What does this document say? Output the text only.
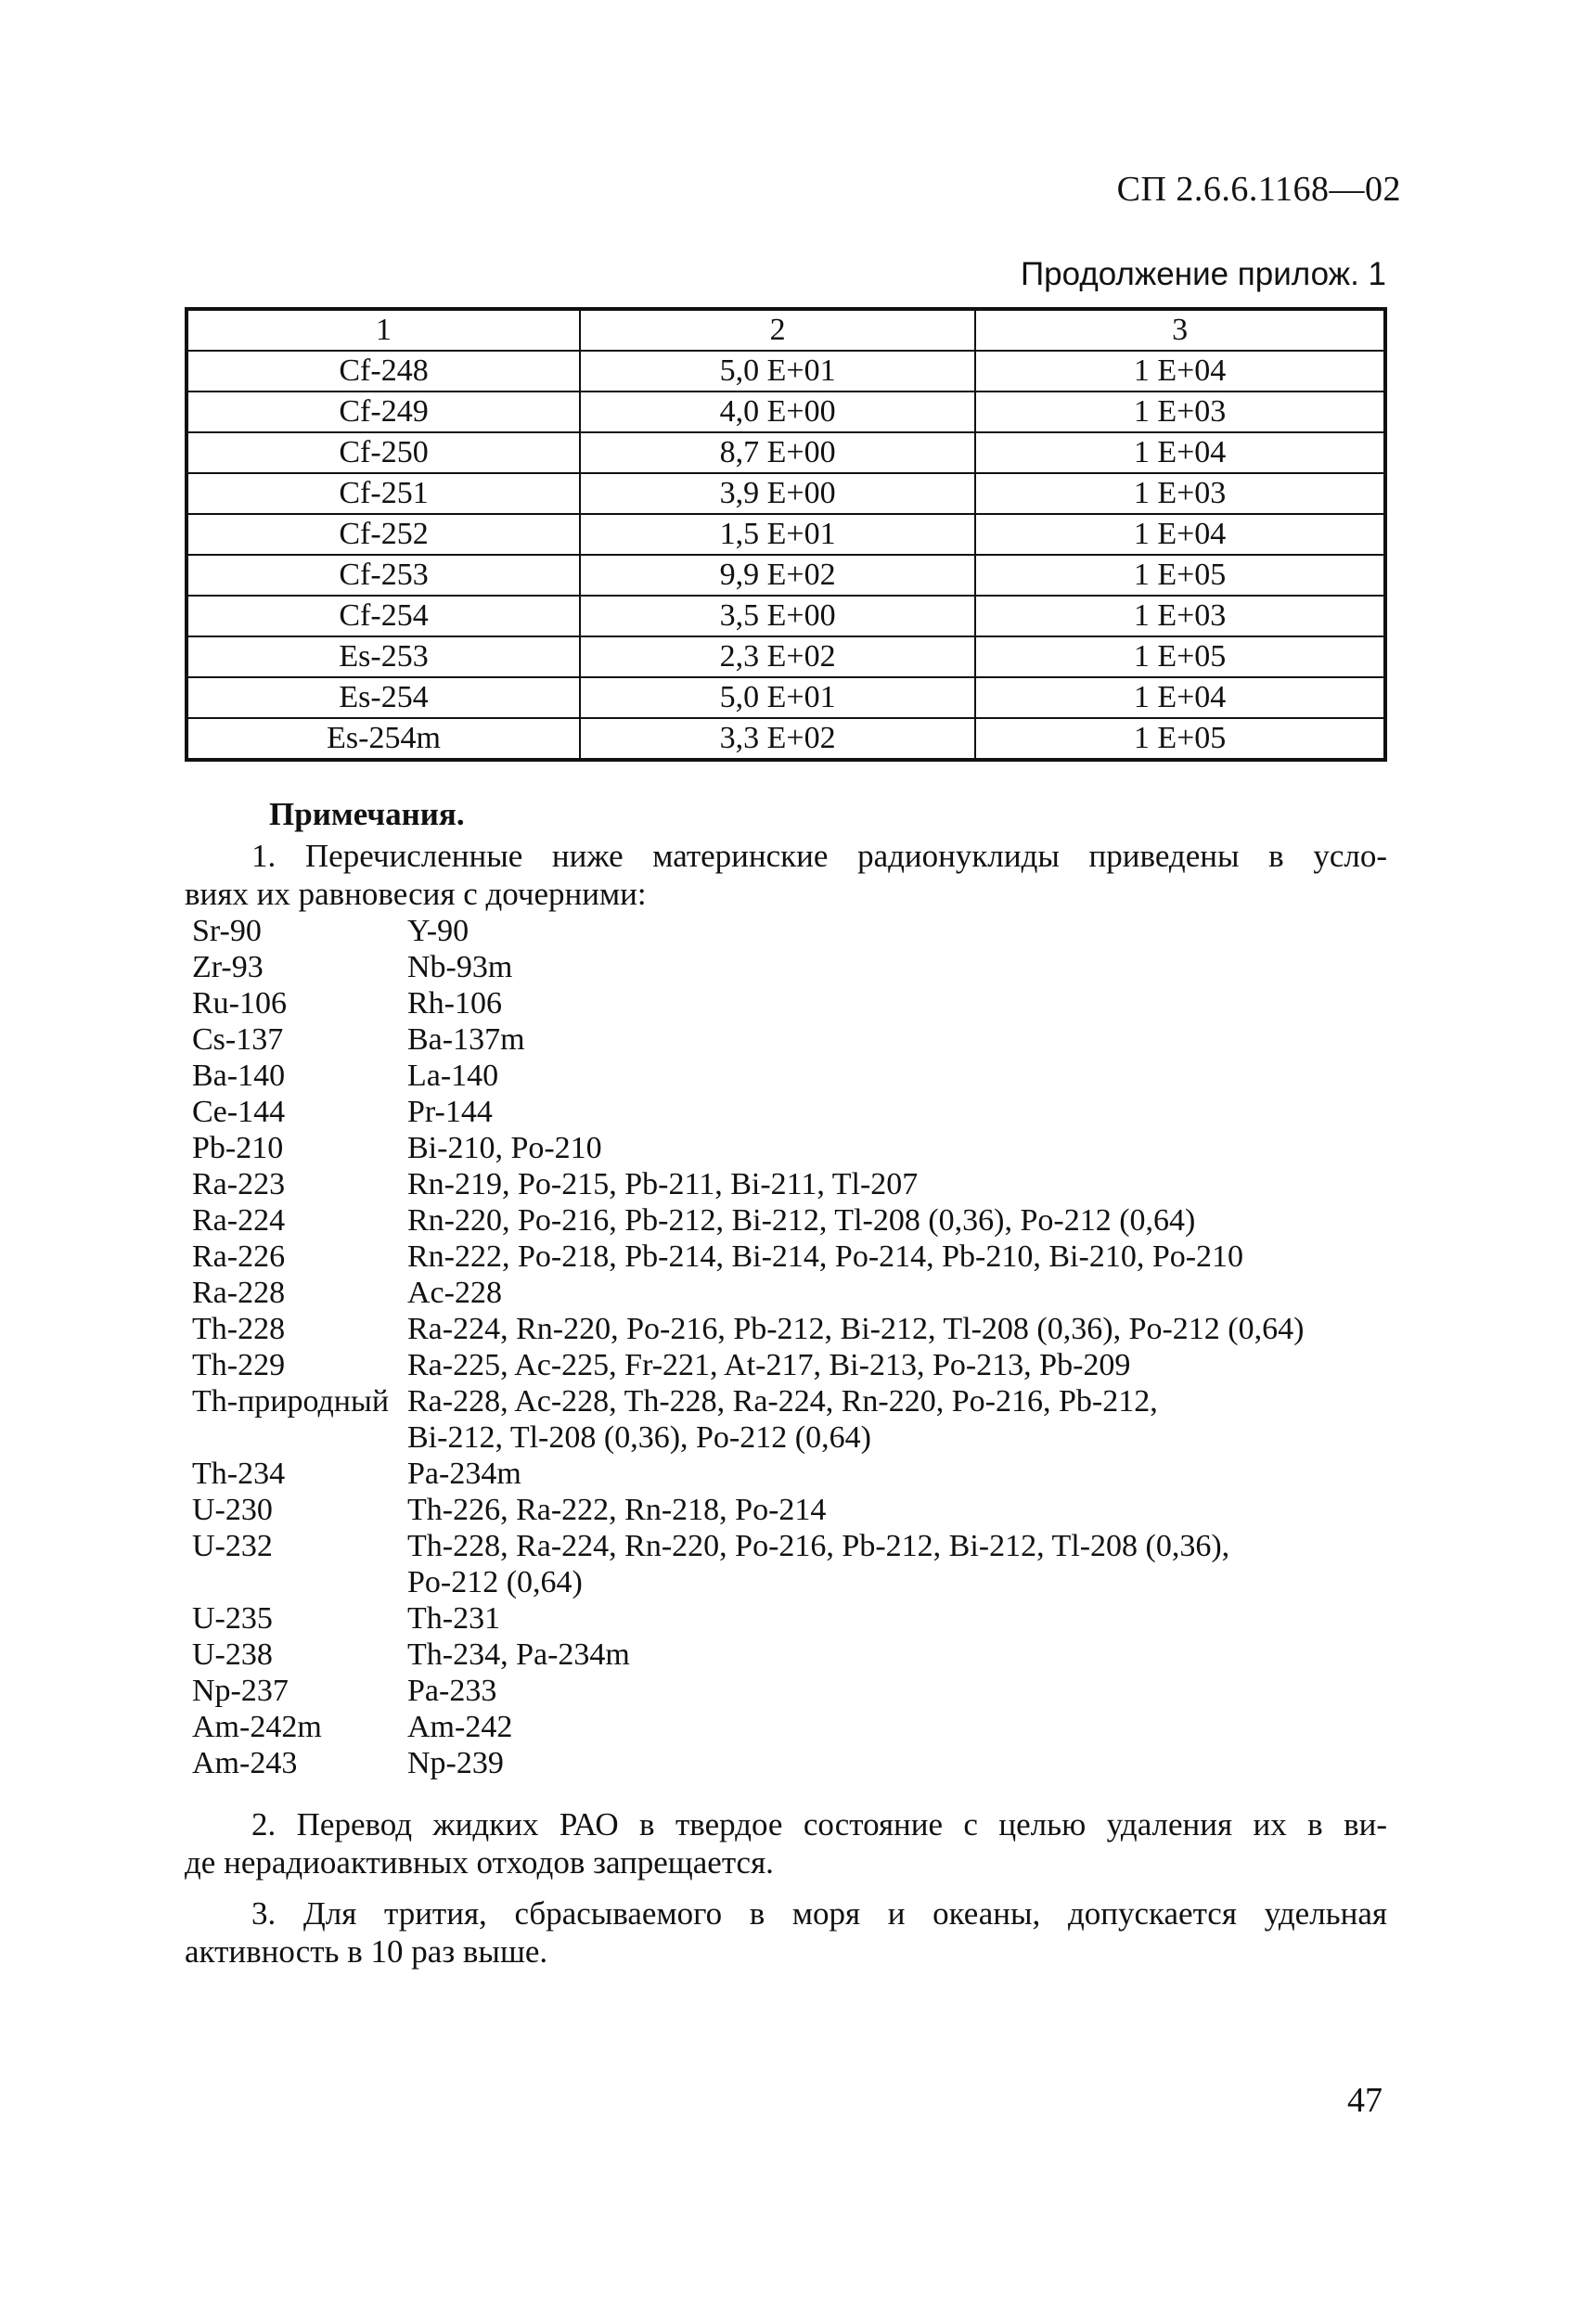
СП 2.6.6.1168—02
Продолжение прилож. 1
1	2	3
Cf-248	5,0 E+01	1 E+04
Cf-249	4,0 E+00	1 E+03
Cf-250	8,7 E+00	1 E+04
Cf-251	3,9 E+00	1 E+03
Cf-252	1,5 E+01	1 E+04
Cf-253	9,9 E+02	1 E+05
Cf-254	3,5 E+00	1 E+03
Es-253	2,3 E+02	1 E+05
Es-254	5,0 E+01	1 E+04
Es-254m	3,3 E+02	1 E+05
Примечания.
1. Перечисленные ниже материнские радионуклиды приведены в усло-
виях их равновесия с дочерними:
Sr-90	Y-90
Zr-93	Nb-93m
Ru-106	Rh-106
Cs-137	Ba-137m
Ba-140	La-140
Ce-144	Pr-144
Pb-210	Bi-210, Po-210
Ra-223	Rn-219, Po-215, Pb-211, Bi-211, Tl-207
Ra-224	Rn-220, Po-216, Pb-212, Bi-212, Tl-208 (0,36), Po-212 (0,64)
Ra-226	Rn-222, Po-218, Pb-214, Bi-214, Po-214, Pb-210, Bi-210, Po-210
Ra-228	Ac-228
Th-228	Ra-224, Rn-220, Po-216, Pb-212, Bi-212, Tl-208 (0,36), Po-212 (0,64)
Th-229	Ra-225, Ac-225, Fr-221, At-217, Bi-213, Po-213, Pb-209
Th-природный Ra-228, Ac-228, Th-228, Ra-224, Rn-220, Po-216, Pb-212,
Bi-212, Tl-208 (0,36), Po-212 (0,64)
Th-234	Pa-234m
U-230	Th-226, Ra-222, Rn-218, Po-214
U-232	Th-228, Ra-224, Rn-220, Po-216, Pb-212, Bi-212, Tl-208 (0,36),
Po-212 (0,64)
U-235	Th-231
U-238	Th-234, Pa-234m
Np-237	Pa-233
Am-242m	Am-242
Am-243	Np-239
2. Перевод жидких РАО в твердое состояние с целью удаления их в ви-
де нерадиоактивных отходов запрещается.
3. Для трития, сбрасываемого в моря и океаны, допускается удельная
активность в 10 раз выше.
47
